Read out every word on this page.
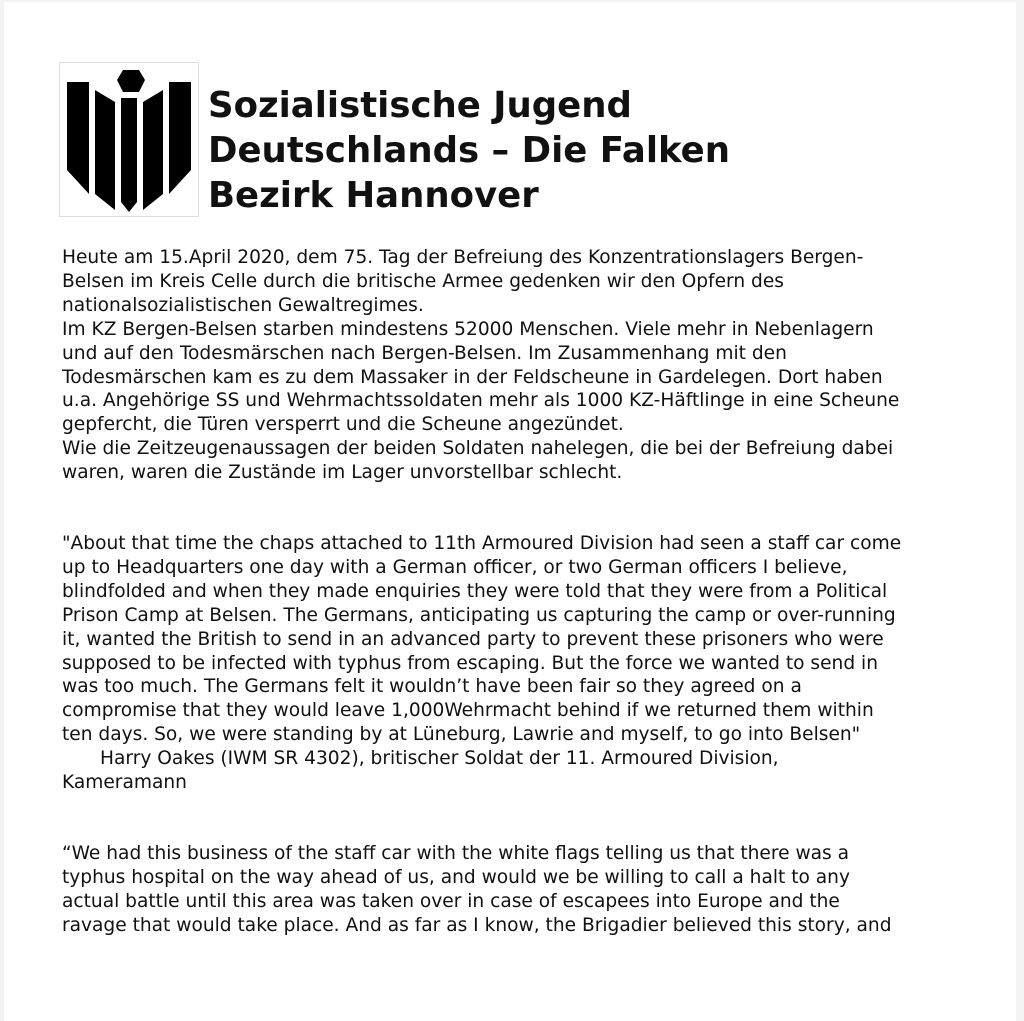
Sozialistische Jugend
Deutschlands – Die Falken
Bezirk Hannover
Heute am 15.April 2020, dem 75. Tag der Befreiung des Konzentrationslagers Bergen-
Belsen im Kreis Celle durch die britische Armee gedenken wir den Opfern des
nationalsozialistischen Gewaltregimes.
Im KZ Bergen-Belsen starben mindestens 52000 Menschen. Viele mehr in Nebenlagern
und auf den Todesmärschen nach Bergen-Belsen. Im Zusammenhang mit den
Todesmärschen kam es zu dem Massaker in der Feldscheune in Gardelegen. Dort haben
u.a. Angehörige SS und Wehrmachtssoldaten mehr als 1000 KZ-Häftlinge in eine Scheune
gepfercht, die Türen versperrt und die Scheune angezündet.
Wie die Zeitzeugenaussagen der beiden Soldaten nahelegen, die bei der Befreiung dabei
waren, waren die Zustände im Lager unvorstellbar schlecht.
"About that time the chaps attached to 11th Armoured Division had seen a staff car come
up to Headquarters one day with a German officer, or two German officers I believe,
blindfolded and when they made enquiries they were told that they were from a Political
Prison Camp at Belsen. The Germans, anticipating us capturing the camp or over-running
it, wanted the British to send in an advanced party to prevent these prisoners who were
supposed to be infected with typhus from escaping. But the force we wanted to send in
was too much. The Germans felt it wouldn’t have been fair so they agreed on a
compromise that they would leave 1,000Wehrmacht behind if we returned them within
ten days. So, we were standing by at Lüneburg, Lawrie and myself, to go into Belsen"
Harry Oakes (IWM SR 4302), britischer Soldat der 11. Armoured Division,
Kameramann
“We had this business of the staff car with the white flags telling us that there was a
typhus hospital on the way ahead of us, and would we be willing to call a halt to any
actual battle until this area was taken over in case of escapees into Europe and the
ravage that would take place. And as far as I know, the Brigadier believed this story, and
